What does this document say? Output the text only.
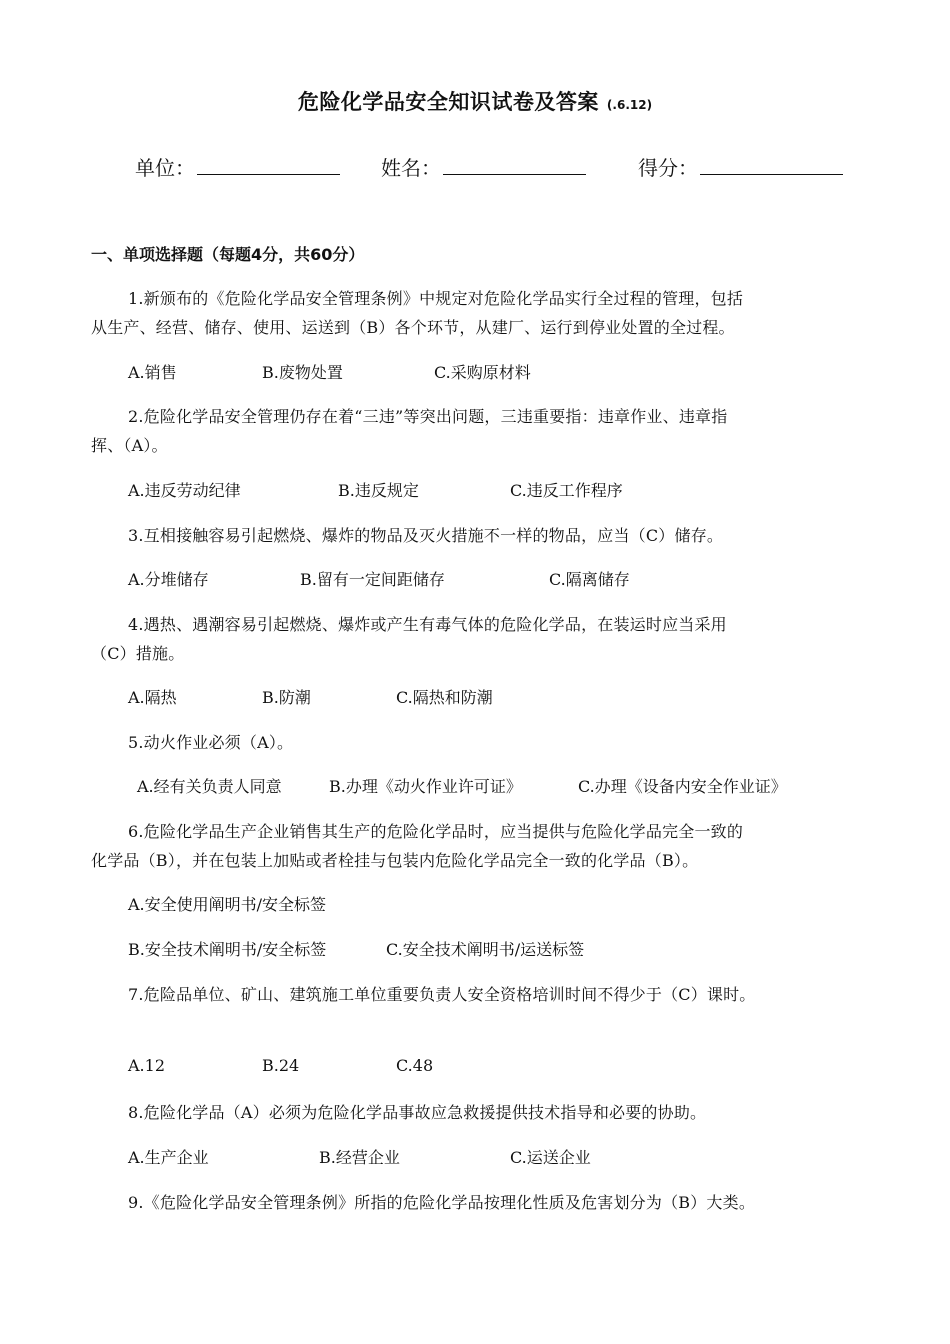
危险化学品安全知识试卷及答案 (.6.12)
单位：	姓名：	得分：
一、单项选择题（每题4分，共60分）
1.新颁布的《危险化学品安全管理条例》中规定对危险化学品实行全过程的管理，包括
从生产、经营、储存、使用、运送到（B）各个环节，从建厂、运行到停业处置的全过程。
A.销售	B.废物处置	C.采购原材料
2.危险化学品安全管理仍存在着“三违”等突出问题，三违重要指：违章作业、违章指
挥、（A）。
A.违反劳动纪律	B.违反规定	C.违反工作程序
3.互相接触容易引起燃烧、爆炸的物品及灭火措施不一样的物品，应当（C）储存。
A.分堆储存	B.留有一定间距储存	C.隔离储存
4.遇热、遇潮容易引起燃烧、爆炸或产生有毒气体的危险化学品，在装运时应当采用
（C）措施。
A.隔热	B.防潮	C.隔热和防潮
5.动火作业必须（A）。
A.经有关负责人同意	B.办理《动火作业许可证》	C.办理《设备内安全作业证》
6.危险化学品生产企业销售其生产的危险化学品时，应当提供与危险化学品完全一致的
化学品（B），并在包装上加贴或者栓挂与包装内危险化学品完全一致的化学品（B）。
A.安全使用阐明书/安全标签
B.安全技术阐明书/安全标签	C.安全技术阐明书/运送标签
7.危险品单位、矿山、建筑施工单位重要负责人安全资格培训时间不得少于（C）课时。
A.12	B.24	C.48
8.危险化学品（A）必须为危险化学品事故应急救援提供技术指导和必要的协助。
A.生产企业	B.经营企业	C.运送企业
9.《危险化学品安全管理条例》所指的危险化学品按理化性质及危害划分为（B）大类。
